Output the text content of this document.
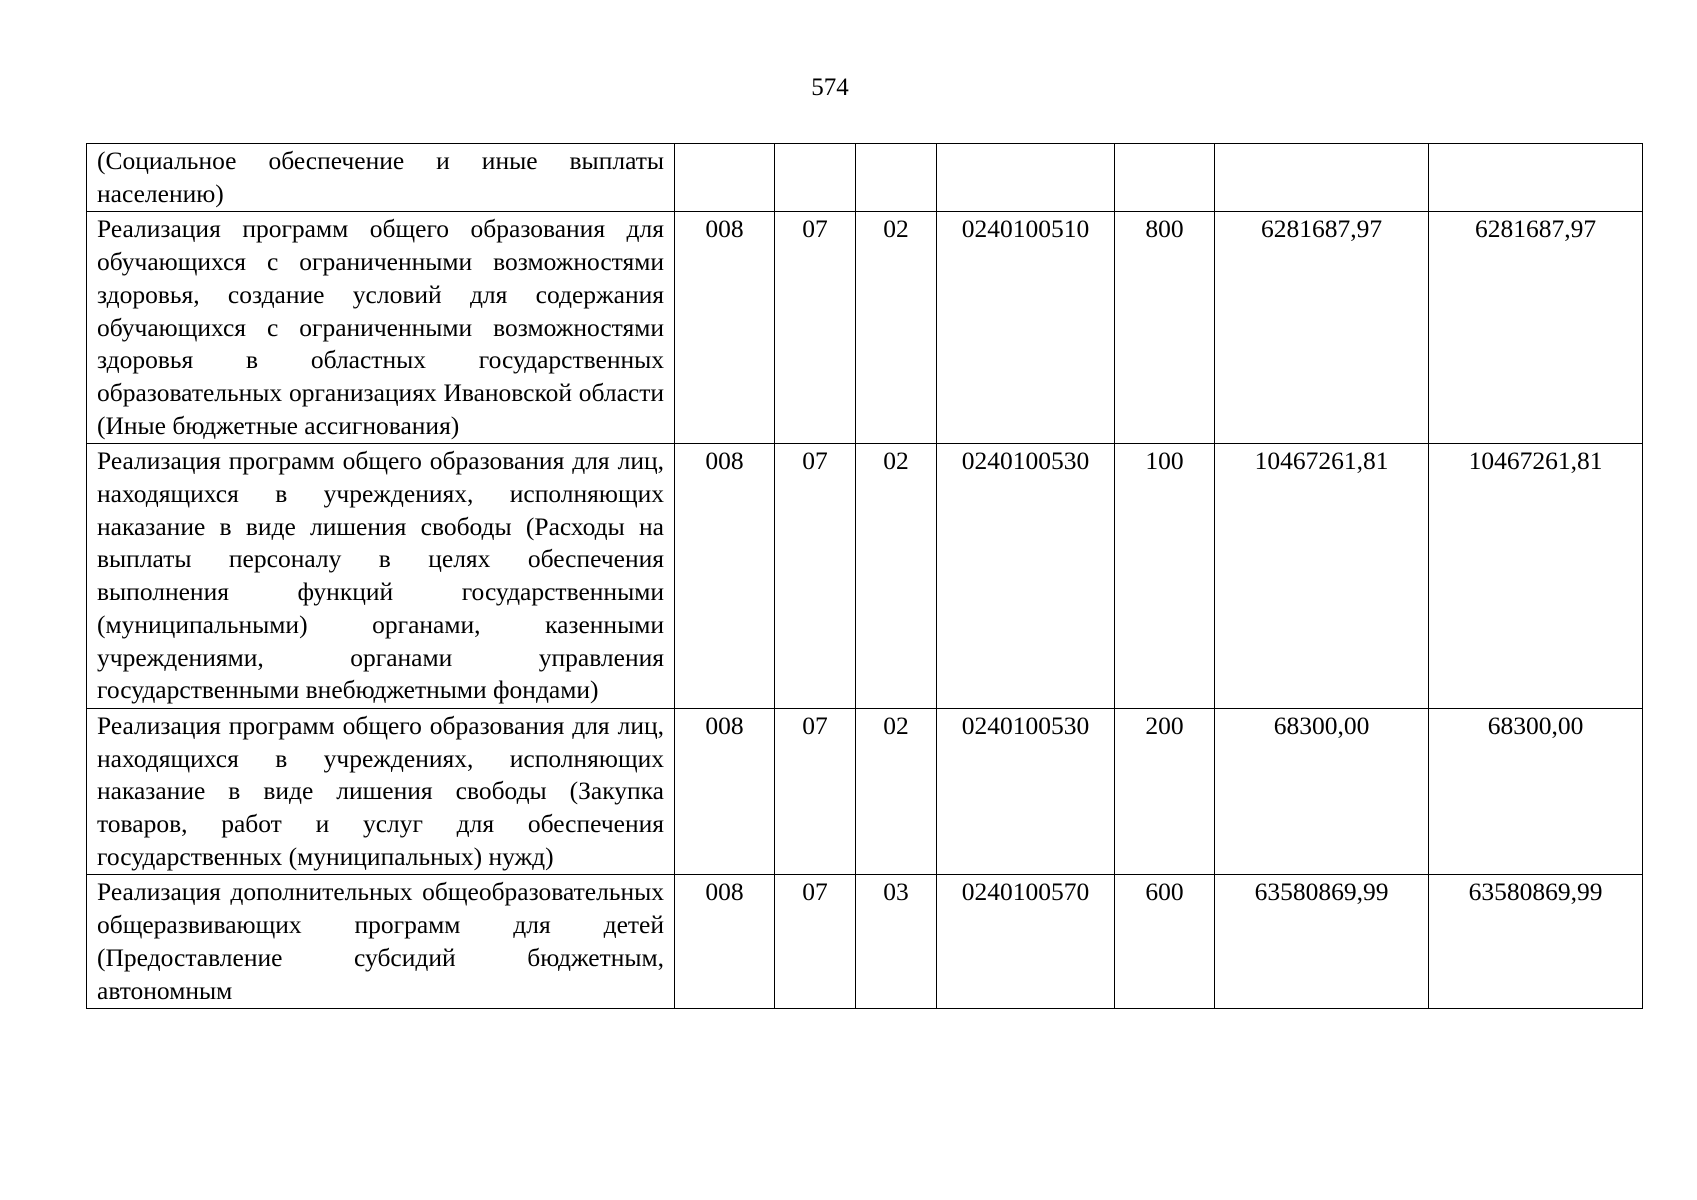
574
(Социальное обеспечение и иные выплаты населению)							
Реализация программ общего образования для обучающихся с ограниченными возможностями здоровья, создание условий для содержания обучающихся с ограниченными возможностями здоровья в областных государственных образовательных организациях Ивановской области (Иные бюджетные ассигнования)	008	07	02	0240100510	800	6281687,97	6281687,97
Реализация программ общего образования для лиц, находящихся в учреждениях, исполняющих наказание в виде лишения свободы (Расходы на выплаты персоналу в целях обеспечения выполнения функций государственными (муниципальными) органами, казенными учреждениями, органами управления государственными внебюджетными фондами)	008	07	02	0240100530	100	10467261,81	10467261,81
Реализация программ общего образования для лиц, находящихся в учреждениях, исполняющих наказание в виде лишения свободы (Закупка товаров, работ и услуг для обеспечения государственных (муниципальных) нужд)	008	07	02	0240100530	200	68300,00	68300,00
Реализация дополнительных общеобразовательных общеразвивающих программ для детей (Предоставление субсидий бюджетным, автономным	008	07	03	0240100570	600	63580869,99	63580869,99
